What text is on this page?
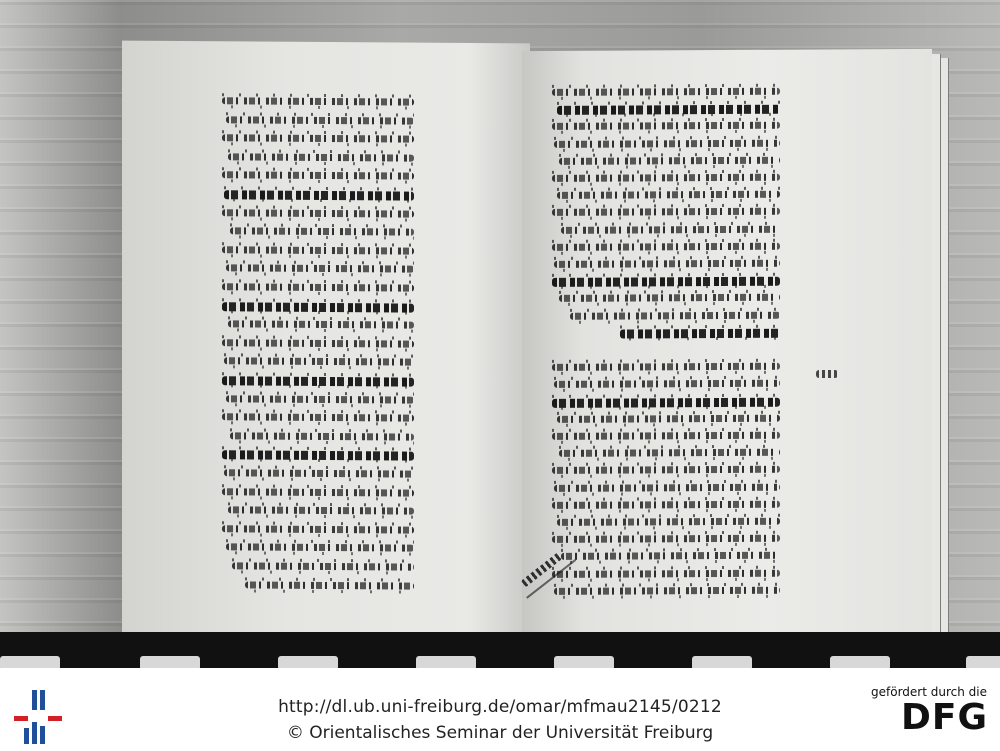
http://dl.ub.uni-freiburg.de/omar/mfmau2145/0212
© Orientalisches Seminar der Universität Freiburg
gefördert durch die
DFG
